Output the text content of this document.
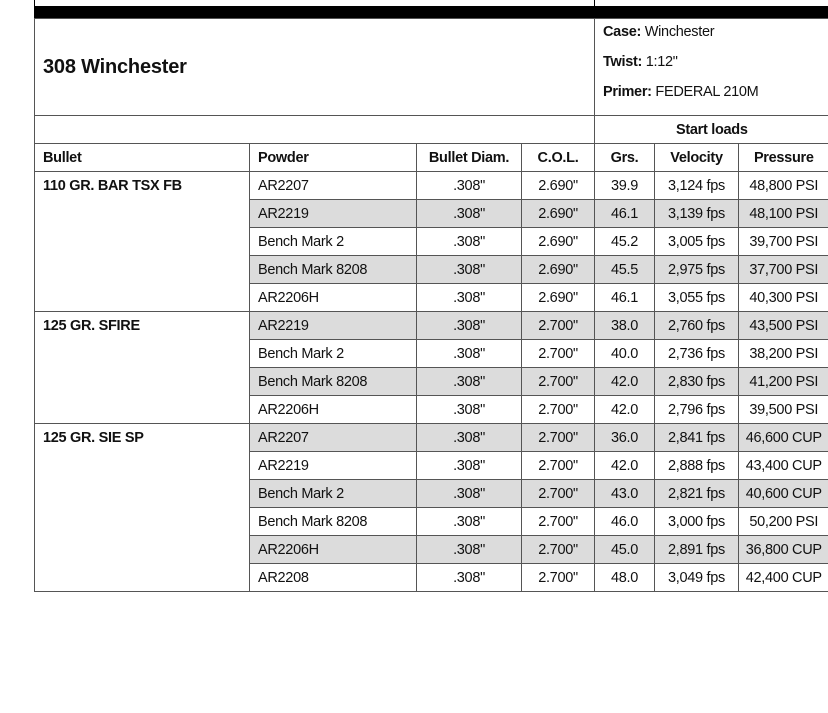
308 Winchester				Case: Winchester
Twist: 1:12"
Primer: FEDERAL 210M		

				Start loads		
Bullet	Powder	Bullet Diam.	C.O.L.	Grs.	Velocity	Pressure
110 GR. BAR TSX FB	AR2207	.308"	2.690"	39.9	3,124 fps	48,800 PSI
	AR2219	.308"	2.690"	46.1	3,139 fps	48,100 PSI
	Bench Mark 2	.308"	2.690"	45.2	3,005 fps	39,700 PSI
	Bench Mark 8208	.308"	2.690"	45.5	2,975 fps	37,700 PSI
	AR2206H	.308"	2.690"	46.1	3,055 fps	40,300 PSI
125 GR. SFIRE	AR2219	.308"	2.700"	38.0	2,760 fps	43,500 PSI
	Bench Mark 2	.308"	2.700"	40.0	2,736 fps	38,200 PSI
	Bench Mark 8208	.308"	2.700"	42.0	2,830 fps	41,200 PSI
	AR2206H	.308"	2.700"	42.0	2,796 fps	39,500 PSI
125 GR. SIE SP	AR2207	.308"	2.700"	36.0	2,841 fps	46,600 CUP
	AR2219	.308"	2.700"	42.0	2,888 fps	43,400 CUP
	Bench Mark 2	.308"	2.700"	43.0	2,821 fps	40,600 CUP
	Bench Mark 8208	.308"	2.700"	46.0	3,000 fps	50,200 PSI
	AR2206H	.308"	2.700"	45.0	2,891 fps	36,800 CUP
	AR2208	.308"	2.700"	48.0	3,049 fps	42,400 CUP
